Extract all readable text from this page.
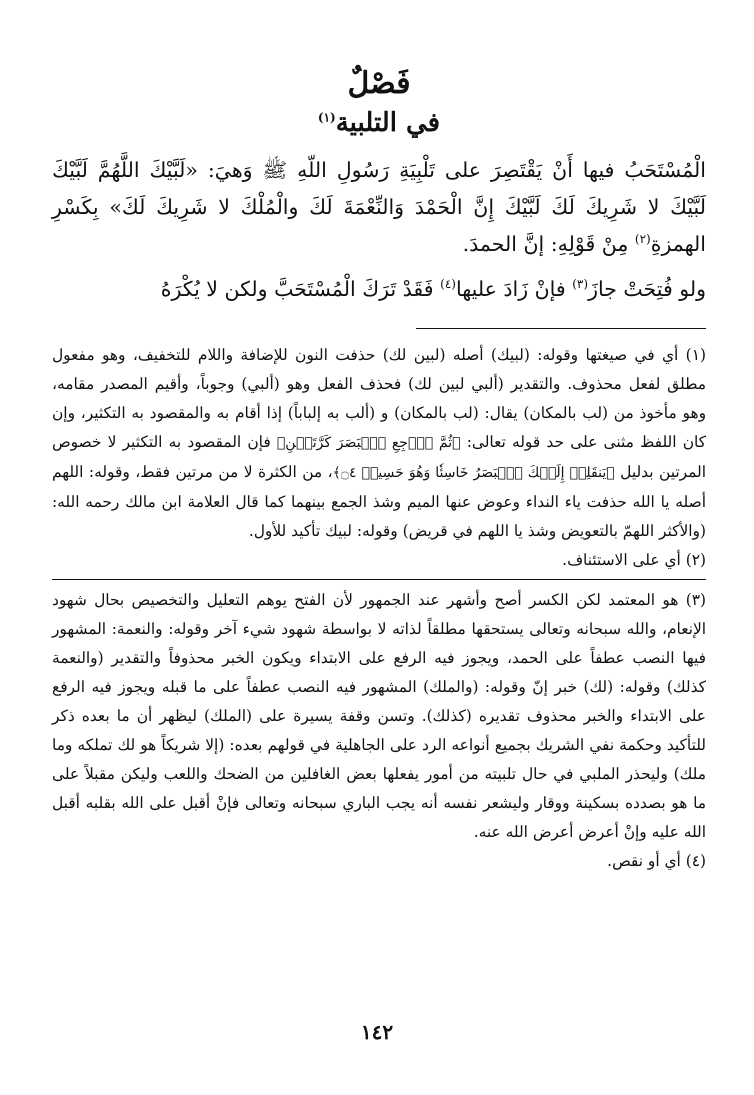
فَصْلٌ
في التلبية$^{(١)}$

الْمُسْتَحَبُ فيها أَنْ يَقْتَصِرَ على تَلْبِيَةِ رَسُولِ اللّهِ ﷺ وَهيَ: «لَبَّيْكَ اللَّهُمَّ لَبَّيْكَ لَبَّيْكَ لا شَرِيكَ لَكَ لَبَّيْكَ إِنَّ الْحَمْدَ وَالنِّعْمَةَ لَكَ والْمُلْكَ لا شَرِيكَ لَكَ» بِكَسْرِ الهمزةِ$^{(٢)}$ مِنْ قَوْلِهِ: إنَّ الحمدَ.

ولو فُتِحَتْ جازَ$^{(٣)}$ فإنْ زَادَ عليها$^{(٤)}$ فَقَدْ تَرَكَ الْمُسْتَحَبَّ ولكن لا يُكْرَهُ

(١) أي في صيغتها وقوله: (لبيك) أصله (لبين لك) حذفت النون للإضافة واللام للتخفيف، وهو مفعول مطلق لفعل محذوف. والتقدير (ألبي لبين لك) فحذف الفعل وهو (ألبي) وجوباً، وأقيم المصدر مقامه، وهو مأخوذ من (لب بالمكان) يقال: (لب بالمكان) و (ألب به إلباباً) إذا أقام به والمقصود به التكثير، وإن كان اللفظ مثنى على حد قوله تعالى: ﴿ثُمَّ ٱرۡجِعِ ٱلۡبَصَرَ كَرَّتَيۡنِ﴾ فإن المقصود به التكثير لا خصوص المرتين بدليل ﴿يَنقَلِبۡ إِلَيۡكَ ٱلۡبَصَرُ خَاسِئٗا وَهُوَ حَسِيرٞ ۝٤﴾، من الكثرة لا من مرتين فقط، وقوله: اللهم أصله يا الله حذفت ياء النداء وعوض عنها الميم وشذ الجمع بينهما كما قال العلامة ابن مالك رحمه الله: (والأكثر اللهمّ بالتعويض وشذ يا اللهم في قريض) وقوله: لبيك تأكيد للأول.

(٢) أي على الاستئناف.

(٣) هو المعتمد لكن الكسر أصح وأشهر عند الجمهور لأن الفتح يوهم التعليل والتخصيص بحال شهود الإنعام، والله سبحانه وتعالى يستحقها مطلقاً لذاته لا بواسطة شهود شيء آخر وقوله: والنعمة: المشهور فيها النصب عطفاً على الحمد، ويجوز فيه الرفع على الابتداء ويكون الخبر محذوفاً والتقدير (والنعمة كذلك) وقوله: (لك) خبر إنّ وقوله: (والملك) المشهور فيه النصب عطفاً على ما قبله ويجوز فيه الرفع على الابتداء والخبر محذوف تقديره (كذلك). وتسن وقفة يسيرة على (الملك) ليظهر أن ما بعده ذكر للتأكيد وحكمة نفي الشريك بجميع أنواعه الرد على الجاهلية في قولهم بعده: (إلا شريكاً هو لك تملكه وما ملك) وليحذر الملبي في حال تلبيته من أمور يفعلها بعض الغافلين من الضحك واللعب وليكن مقبلاً على ما هو بصدده بسكينة ووقار وليشعر نفسه أنه يجب الباري سبحانه وتعالى فإنْ أقبل على الله بقلبه أقبل الله عليه وإنْ أعرض أعرض الله عنه.

(٤) أي أو نقص.

١٤٢
